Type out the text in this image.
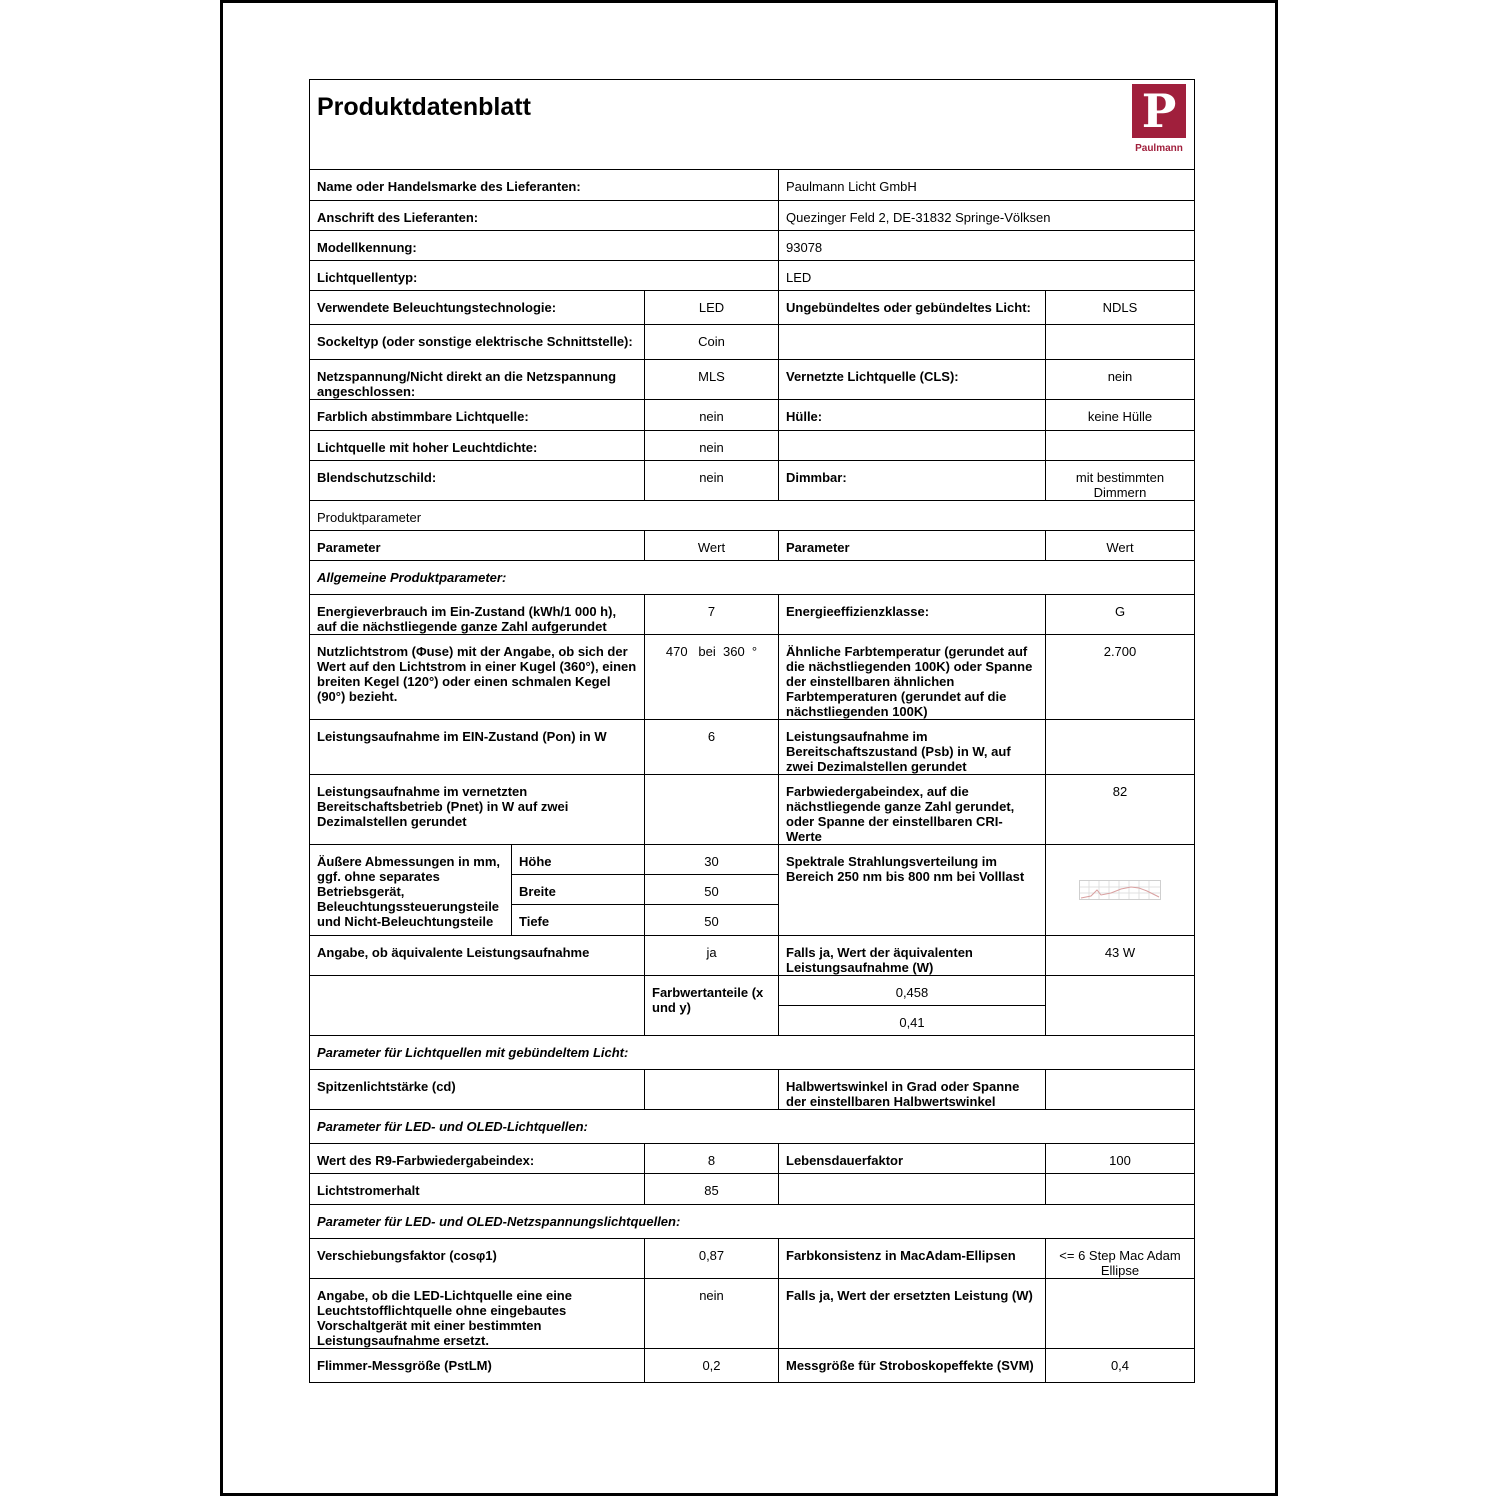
Produktdatenblatt P
Paulmann				

Name oder Handelsmarke des Lieferanten:			Paulmann Licht GmbH	
Anschrift des Lieferanten:			Quezinger Feld 2, DE-31832 Springe-Völksen	
Modellkennung:			93078	
Lichtquellentyp:			LED	
Verwendete Beleuchtungstechnologie:		LED	Ungebündeltes oder gebündeltes Licht:	NDLS
Sockeltyp (oder sonstige elektrische Schnittstelle):		Coin		
Netzspannung/Nicht direkt an die Netzspannung angeschlossen:		MLS	Vernetzte Lichtquelle (CLS):	nein
Farblich abstimmbare Lichtquelle:		nein	Hülle:	keine Hülle
Lichtquelle mit hoher Leuchtdichte:		nein		
Blendschutzschild:		nein	Dimmbar:	mit bestimmten Dimmern
Produktparameter				
Parameter		Wert	Parameter	Wert
Allgemeine Produktparameter:				
Energieverbrauch im Ein-Zustand (kWh/1 000 h), auf die nächstliegende ganze Zahl aufgerundet		7	Energieeffizienzklasse:	G
Nutzlichtstrom (Φuse) mit der Angabe, ob sich der Wert auf den Lichtstrom in einer Kugel (360°), einen breiten Kegel (120°) oder einen schmalen Kegel (90°) bezieht.		470   bei  360  °	Ähnliche Farbtemperatur (gerundet auf die nächstliegenden 100K) oder Spanne der einstellbaren ähnlichen Farbtemperaturen (gerundet auf die nächstliegenden 100K)	2.700
Leistungsaufnahme im EIN-Zustand (Pon) in W		6	Leistungsaufnahme im Bereitschaftszustand (Psb) in W, auf zwei Dezimalstellen gerundet	
Leistungsaufnahme im vernetzten Bereitschaftsbetrieb (Pnet) in W auf zwei Dezimalstellen gerundet			Farbwiedergabeindex, auf die nächstliegende ganze Zahl gerundet, oder Spanne der einstellbaren CRI-Werte	82
Äußere Abmessungen in mm, ggf. ohne separates Betriebsgerät, Beleuchtungssteuerungsteile und Nicht-Beleuchtungsteile	Höhe	30	Spektrale Strahlungsverteilung im Bereich 250 nm bis 800 nm bei Volllast	

	Breite	50		
	Tiefe	50		
Angabe, ob äquivalente Leistungsaufnahme		ja	Falls ja, Wert der äquivalenten Leistungsaufnahme (W)	43 W
		Farbwertanteile (x und y)	0,458	
			0,41	
Parameter für Lichtquellen mit gebündeltem Licht:				
Spitzenlichtstärke (cd)			Halbwertswinkel in Grad oder Spanne der einstellbaren Halbwertswinkel	
Parameter für LED- und OLED-Lichtquellen:				
Wert des R9-Farbwiedergabeindex:		8	Lebensdauerfaktor	100
Lichtstromerhalt		85		
Parameter für LED- und OLED-Netzspannungslichtquellen:				
Verschiebungsfaktor (cosφ1)		0,87	Farbkonsistenz in MacAdam-Ellipsen	<= 6 Step Mac Adam Ellipse
Angabe, ob die LED-Lichtquelle eine eine Leuchtstofflichtquelle ohne eingebautes Vorschaltgerät mit einer bestimmten Leistungsaufnahme ersetzt.		nein	Falls ja, Wert der ersetzten Leistung (W)	
Flimmer-Messgröße (PstLM)		0,2	Messgröße für Stroboskopeffekte (SVM)	0,4
